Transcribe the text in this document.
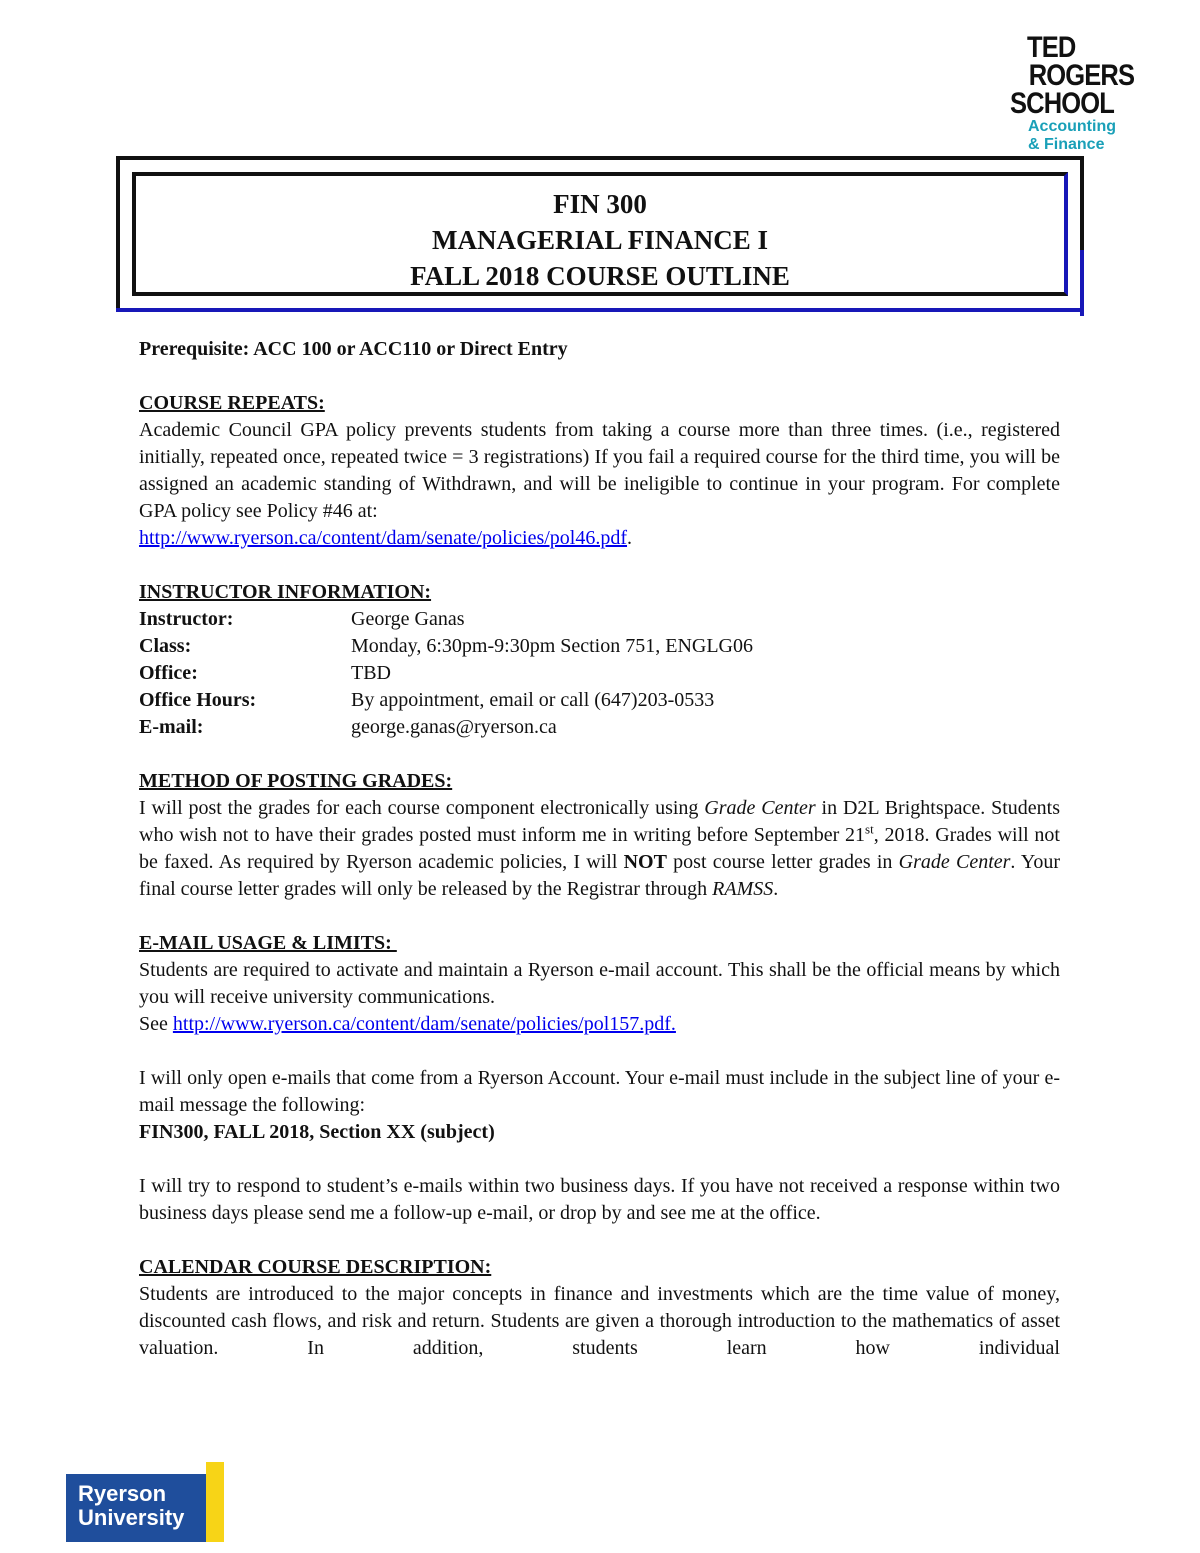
TED
ROGERS
SCHOOL
Accounting
& Finance
FIN 300
MANAGERIAL FINANCE I
FALL 2018 COURSE OUTLINE
Prerequisite: ACC 100 or ACC110 or Direct Entry
COURSE REPEATS:
Academic Council GPA policy prevents students from taking a course more than three times. (i.e., registered initially, repeated once, repeated twice = 3 registrations) If you fail a required course for the third time, you will be assigned an academic standing of Withdrawn, and will be ineligible to continue in your program. For complete GPA policy see Policy #46 at:
http://www.ryerson.ca/content/dam/senate/policies/pol46.pdf.
INSTRUCTOR INFORMATION:
Instructor:	George Ganas
Class:	Monday, 6:30pm-9:30pm Section 751, ENGLG06
Office:	TBD
Office Hours:	By appointment, email or call (647)203-0533
E-mail:	george.ganas@ryerson.ca
METHOD OF POSTING GRADES:
I will post the grades for each course component electronically using Grade Center in D2L Brightspace. Students who wish not to have their grades posted must inform me in writing before September 21st, 2018. Grades will not be faxed. As required by Ryerson academic policies, I will NOT post course letter grades in Grade Center. Your final course letter grades will only be released by the Registrar through RAMSS.
E-MAIL USAGE & LIMITS:
Students are required to activate and maintain a Ryerson e-mail account. This shall be the official means by which you will receive university communications.
See http://www.ryerson.ca/content/dam/senate/policies/pol157.pdf.
I will only open e-mails that come from a Ryerson Account. Your e-mail must include in the subject line of your e-mail message the following:
FIN300, FALL 2018, Section XX (subject)
I will try to respond to student’s e-mails within two business days. If you have not received a response within two business days please send me a follow-up e-mail, or drop by and see me at the office.
CALENDAR COURSE DESCRIPTION:
Students are introduced to the major concepts in finance and investments which are the time value of money, discounted cash flows, and risk and return. Students are given a thorough introduction to the mathematics of asset valuation. In addition, students learn how individual
Ryerson
University
